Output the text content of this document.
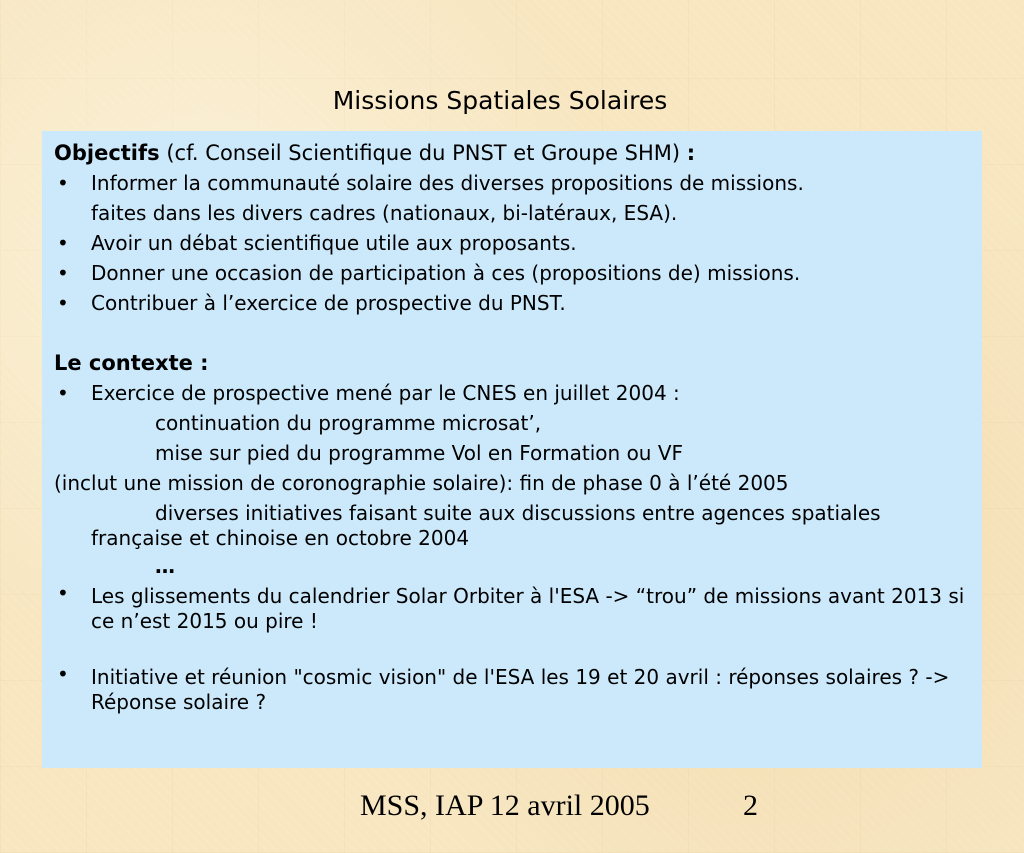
Missions Spatiales Solaires

Objectifs (cf. Conseil Scientifique du PNST et Groupe SHM) :

• Informer la communauté solaire des diverses propositions de missions.

faites dans les divers cadres (nationaux, bi-latéraux, ESA).

• Avoir un débat scientifique utile aux proposants.

• Donner une occasion de participation à ces (propositions de) missions.

• Contribuer à l’exercice de prospective du PNST.

Le contexte :

• Exercice de prospective mené par le CNES en juillet 2004 :

continuation du programme microsat’,

mise sur pied du programme Vol en Formation ou VF

(inclut une mission de coronographie solaire): fin de phase 0 à l’été 2005

diverses initiatives faisant suite aux discussions entre agences spatiales française et chinoise en octobre 2004

…

• Les glissements du calendrier Solar Orbiter à l'ESA -> “trou” de missions avant 2013 si ce n’est 2015 ou pire !

• Initiative et réunion "cosmic vision" de l'ESA les 19 et 20 avril : réponses solaires ? -> Réponse solaire ?

MSS, IAP 12 avril 2005	2
